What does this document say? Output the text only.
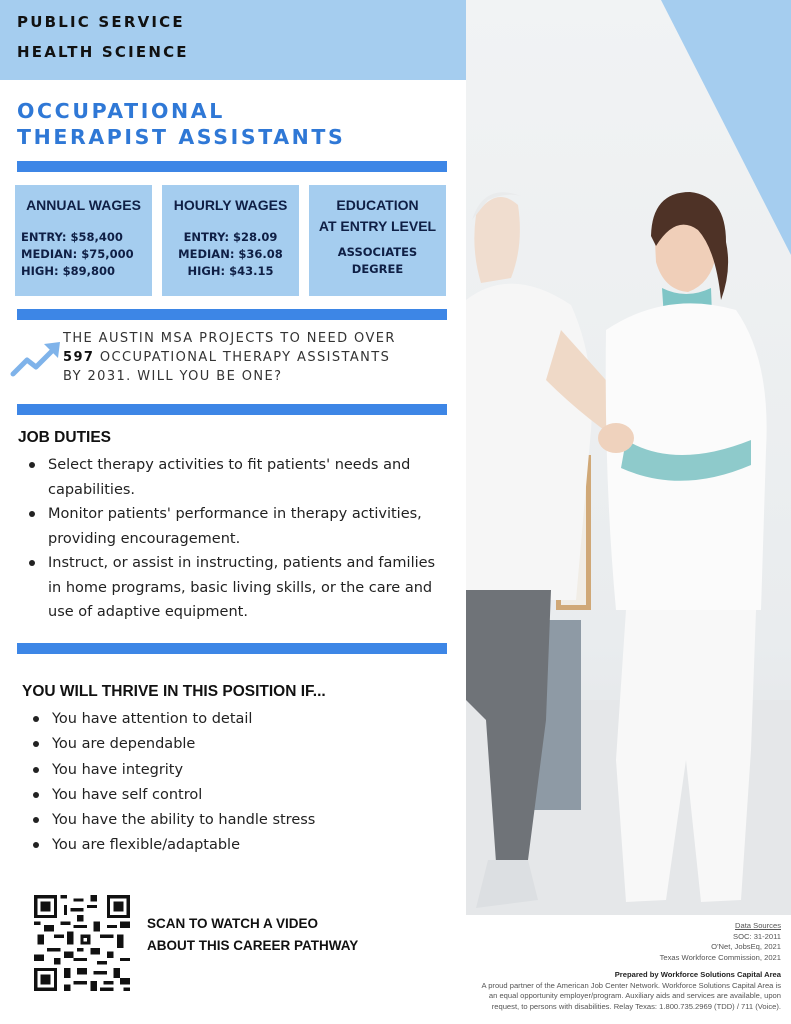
PUBLIC SERVICE
HEALTH SCIENCE
OCCUPATIONAL
THERAPIST ASSISTANTS
ANNUAL WAGES
ENTRY: $58,400
MEDIAN: $75,000
HIGH: $89,800
HOURLY WAGES
ENTRY: $28.09
MEDIAN: $36.08
HIGH: $43.15
EDUCATION
AT ENTRY LEVEL
ASSOCIATES
DEGREE
THE AUSTIN MSA PROJECTS TO NEED OVER
597 OCCUPATIONAL THERAPY ASSISTANTS
BY 2031. WILL YOU BE ONE?
JOB DUTIES
Select therapy activities to fit patients' needs and capabilities.
Monitor patients' performance in therapy activities, providing encouragement.
Instruct, or assist in instructing, patients and families in home programs, basic living skills, or the care and use of adaptive equipment.
YOU WILL THRIVE IN THIS POSITION IF...
You have attention to detail
You are dependable
You have integrity
You have self control
You have the ability to handle stress
You are flexible/adaptable
SCAN TO WATCH A VIDEO
ABOUT THIS CAREER PATHWAY
Data Sources
SOC: 31-2011
O'Net, JobsEq, 2021
Texas Workforce Commission, 2021
Prepared by Workforce Solutions Capital Area
A proud partner of the American Job Center Network. Workforce Solutions Capital Area is
an equal opportunity employer/program. Auxiliary aids and services are available, upon
request, to persons with disabilities. Relay Texas: 1.800.735.2969 (TDD) / 711 (Voice).
